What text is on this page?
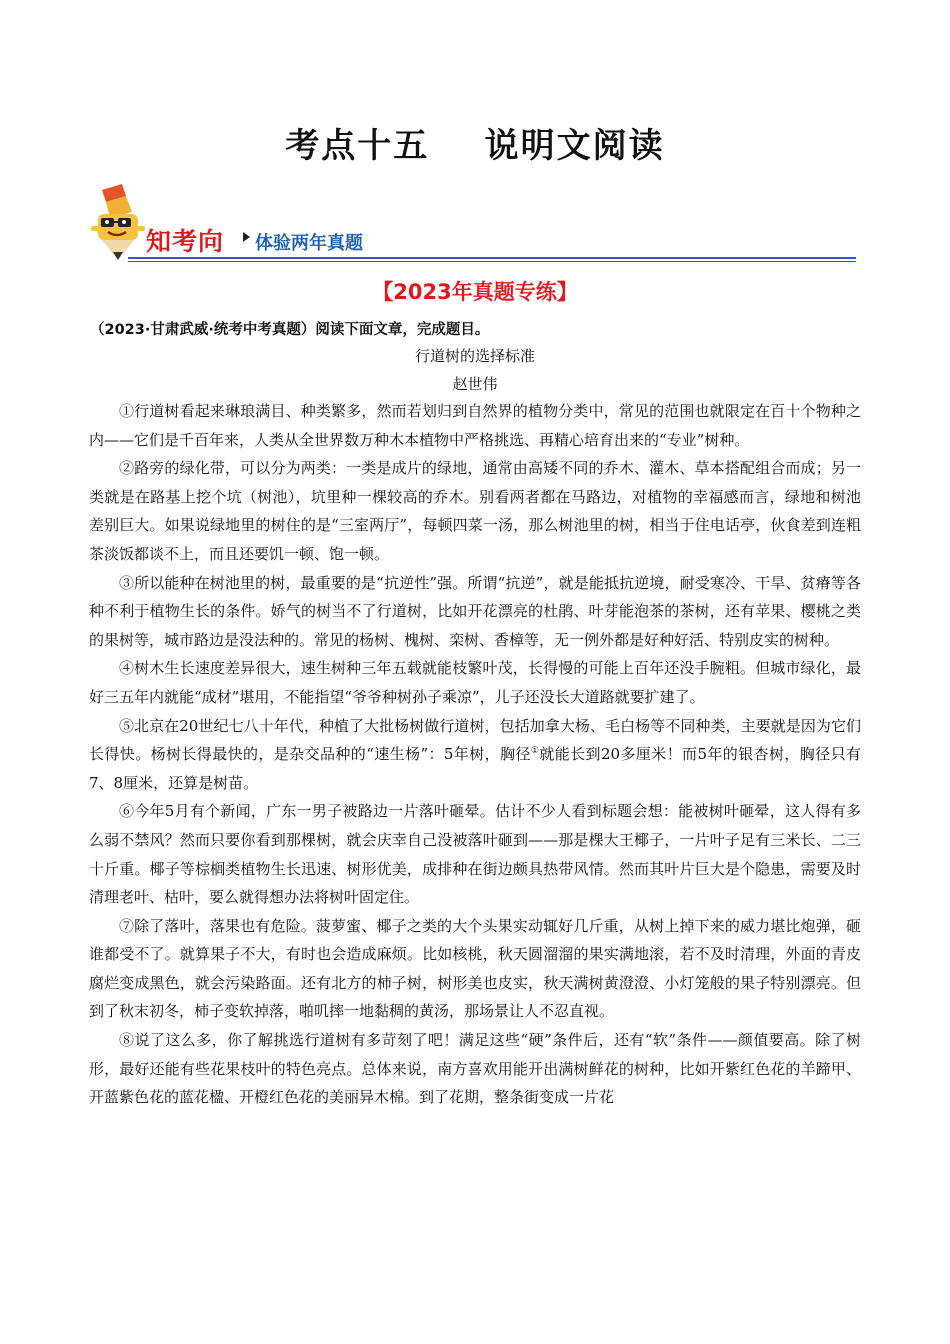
考点十五    说明文阅读
知考向 体验两年真题
【2023年真题专练】
（2023·甘肃武威·统考中考真题）阅读下面文章，完成题目。
行道树的选择标准
赵世伟

①行道树看起来琳琅满目、种类繁多，然而若划归到自然界的植物分类中，常见的范围也就限定在百十个物种之内——它们是千百年来，人类从全世界数万种木本植物中严格挑选、再精心培育出来的“专业”树种。

②路旁的绿化带，可以分为两类：一类是成片的绿地，通常由高矮不同的乔木、灌木、草本搭配组合而成；另一类就是在路基上挖个坑（树池），坑里种一棵较高的乔木。别看两者都在马路边，对植物的幸福感而言，绿地和树池差别巨大。如果说绿地里的树住的是“三室两厅”，每顿四菜一汤，那么树池里的树，相当于住电话亭，伙食差到连粗茶淡饭都谈不上，而且还要饥一顿、饱一顿。

③所以能种在树池里的树，最重要的是“抗逆性”强。所谓“抗逆”，就是能抵抗逆境，耐受寒冷、干旱、贫瘠等各种不利于植物生长的条件。娇气的树当不了行道树，比如开花漂亮的杜鹃、叶芽能泡茶的茶树，还有苹果、樱桃之类的果树等，城市路边是没法种的。常见的杨树、槐树、栾树、香樟等，无一例外都是好种好活、特别皮实的树种。

④树木生长速度差异很大，速生树种三年五载就能枝繁叶茂，长得慢的可能上百年还没手腕粗。但城市绿化，最好三五年内就能“成材”堪用，不能指望“爷爷种树孙子乘凉”，儿子还没长大道路就要扩建了。

⑤北京在20世纪七八十年代，种植了大批杨树做行道树，包括加拿大杨、毛白杨等不同种类，主要就是因为它们长得快。杨树长得最快的，是杂交品种的“速生杨”：5年树，胸径①就能长到20多厘米！而5年的银杏树，胸径只有7、8厘米，还算是树苗。

⑥今年5月有个新闻，广东一男子被路边一片落叶砸晕。估计不少人看到标题会想：能被树叶砸晕，这人得有多么弱不禁风？然而只要你看到那棵树，就会庆幸自己没被落叶砸到——那是棵大王椰子，一片叶子足有三米长、二三十斤重。椰子等棕榈类植物生长迅速、树形优美，成排种在街边颇具热带风情。然而其叶片巨大是个隐患，需要及时清理老叶、枯叶，要么就得想办法将树叶固定住。

⑦除了落叶，落果也有危险。菠萝蜜、椰子之类的大个头果实动辄好几斤重，从树上掉下来的威力堪比炮弹，砸谁都受不了。就算果子不大，有时也会造成麻烦。比如核桃，秋天圆溜溜的果实满地滚，若不及时清理，外面的青皮腐烂变成黑色，就会污染路面。还有北方的柿子树，树形美也皮实，秋天满树黄澄澄、小灯笼般的果子特别漂亮。但到了秋末初冬，柿子变软掉落，啪叽摔一地黏稠的黄汤，那场景让人不忍直视。

⑧说了这么多，你了解挑选行道树有多苛刻了吧！满足这些“硬”条件后，还有“软”条件——颜值要高。除了树形，最好还能有些花果枝叶的特色亮点。总体来说，南方喜欢用能开出满树鲜花的树种，比如开紫红色花的羊蹄甲、开蓝紫色花的蓝花楹、开橙红色花的美丽异木棉。到了花期，整条街变成一片花
